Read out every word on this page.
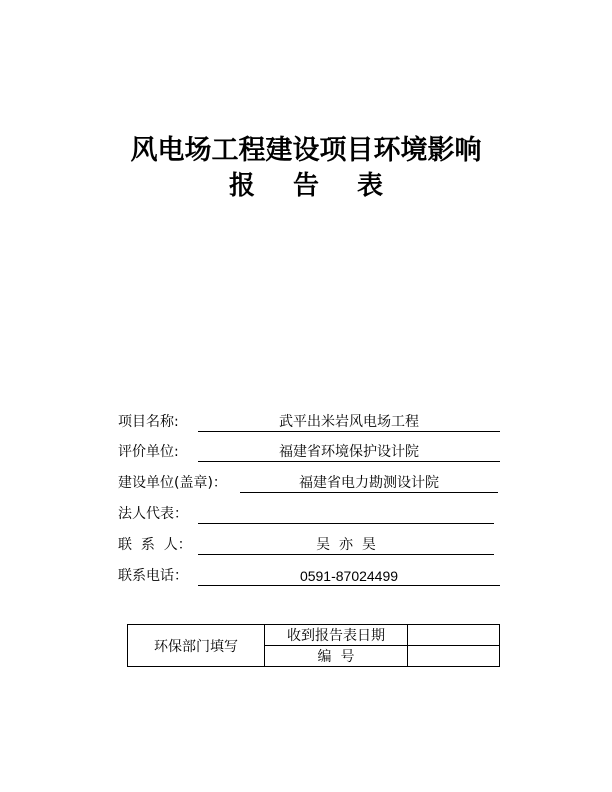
风电场工程建设项目环境影响
报 告 表
项目名称:	武平出米岩风电场工程
评价单位:	福建省环境保护设计院
建设单位(盖章)：	福建省电力勘测设计院
法人代表：
联  系  人：	吴  亦  昊
联系电话：	0591-87024499
环保部门填写	收到报告表日期	
	编  号	
